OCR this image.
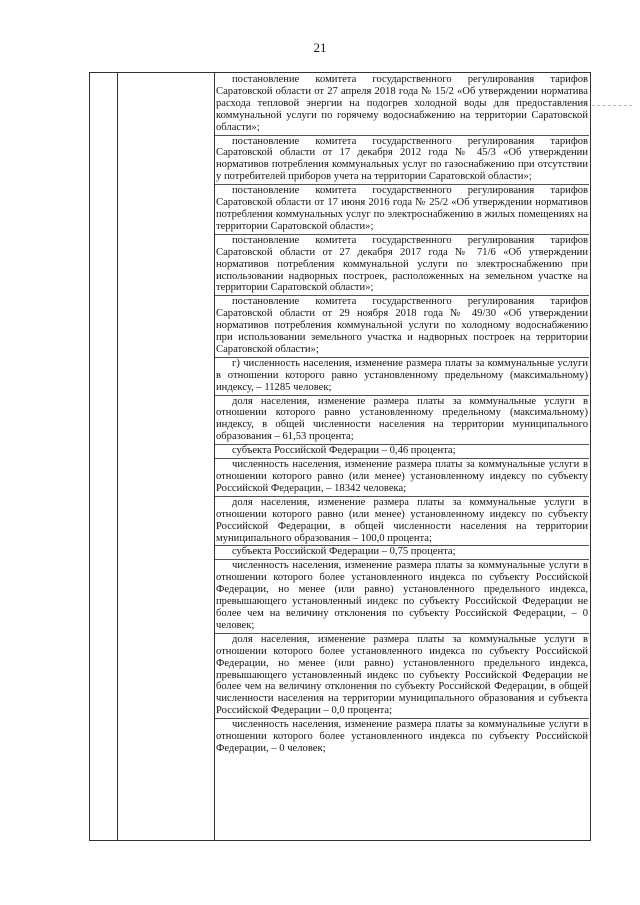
21

постановление комитета государственного регулирования тарифов Саратовской области от 27 апреля 2018 года № 15/2 «Об утверждении норматива расхода тепловой энергии на подогрев холодной воды для предоставления коммунальной услуги по горячему водоснабжению на территории Саратовской области»;

постановление комитета государственного регулирования тарифов Саратовской области от 17 декабря 2012 года № 45/3 «Об утверждении нормативов потребления коммунальных услуг по газоснабжению при отсутствии у потребителей приборов учета на территории Саратовской области»;

постановление комитета государственного регулирования тарифов Саратовской области от 17 июня 2016 года № 25/2 «Об утверждении нормативов потребления коммунальных услуг по электроснабжению в жилых помещениях на территории Саратовской области»;

постановление комитета государственного регулирования тарифов Саратовской области от 27 декабря 2017 года № 71/6 «Об утверждении нормативов потребления коммунальной услуги по электроснабжению при использовании надворных построек, расположенных на земельном участке на территории Саратовской области»;

постановление комитета государственного регулирования тарифов Саратовской области от 29 ноября 2018 года № 49/30 «Об утверждении нормативов потребления коммунальной услуги по холодному водоснабжению при использовании земельного участка и надворных построек на территории Саратовской области»;

г) численность населения, изменение размера платы за коммунальные услуги в отношении которого равно установленному предельному (максимальному) индексу, – 11285 человек;

доля населения, изменение размера платы за коммунальные услуги в отношении которого равно установленному предельному (максимальному) индексу, в общей численности населения на территории муниципального образования – 61,53 процента;

субъекта Российской Федерации – 0,46 процента;

численность населения, изменение размера платы за коммунальные услуги в отношении которого равно (или менее) установленному индексу по субъекту Российской Федерации, – 18342 человека;

доля населения, изменение размера платы за коммунальные услуги в отношении которого равно (или менее) установленному индексу по субъекту Российской Федерации, в общей численности населения на территории муниципального образования – 100,0 процента;

субъекта Российской Федерации – 0,75 процента;

численность населения, изменение размера платы за коммунальные услуги в отношении которого более установленного индекса по субъекту Российской Федерации, но менее (или равно) установленного предельного индекса, превышающего установленный индекс по субъекту Российской Федерации не более чем на величину отклонения по субъекту Российской Федерации, – 0 человек;

доля населения, изменение размера платы за коммунальные услуги в отношении которого более установленного индекса по субъекту Российской Федерации, но менее (или равно) установленного предельного индекса, превышающего установленный индекс по субъекту Российской Федерации не более чем на величину отклонения по субъекту Российской Федерации, в общей численности населения на территории муниципального образования и субъекта Российской Федерации – 0,0 процента;

численность населения, изменение размера платы за коммунальные услуги в отношении которого более установленного индекса по субъекту Российской Федерации, – 0 человек;
